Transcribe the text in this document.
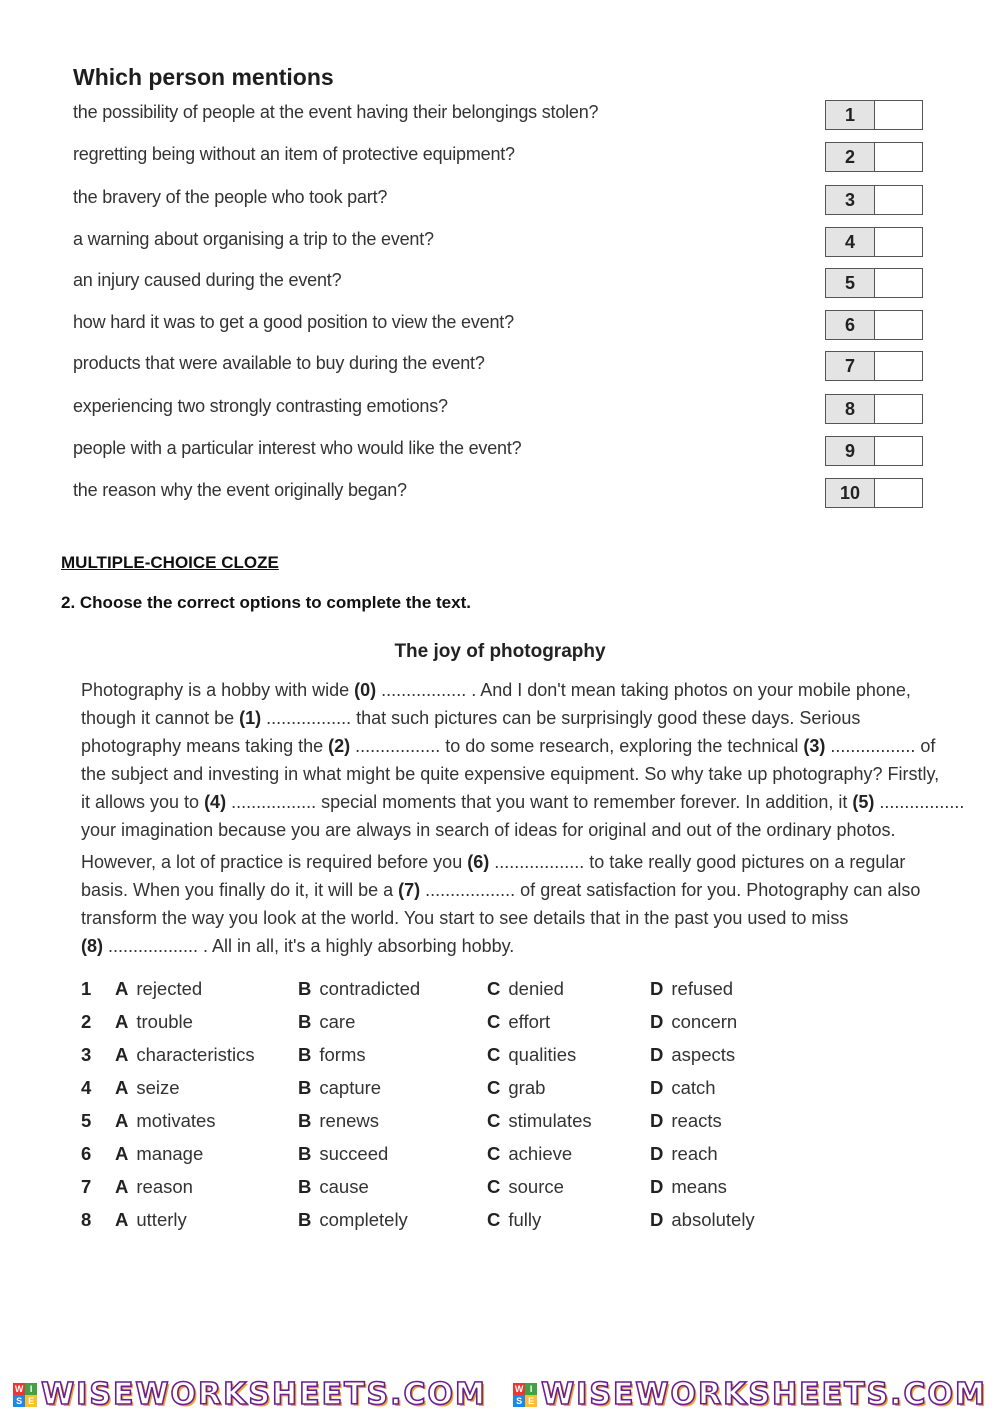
Which person mentions
the possibility of people at the event having their belongings stolen?	1
regretting being without an item of protective equipment?	2
the bravery of the people who took part?	3
a warning about organising a trip to the event?	4
an injury caused during the event?	5
how hard it was to get a good position to view the event?	6
products that were available to buy during the event?	7
experiencing two strongly contrasting emotions?	8
people with a particular interest who would like the event?	9
the reason why the event originally began?	10
MULTIPLE-CHOICE CLOZE
2. Choose the correct options to complete the text.
The joy of photography
Photography is a hobby with wide (0) ................. . And I don't mean taking photos on your mobile phone,
though it cannot be (1) ................. that such pictures can be surprisingly good these days. Serious
photography means taking the (2) ................. to do some research, exploring the technical (3) ................. of
the subject and investing in what might be quite expensive equipment. So why take up photography? Firstly,
it allows you to (4) ................. special moments that you want to remember forever. In addition, it (5) .................
your imagination because you are always in search of ideas for original and out of the ordinary photos.
However, a lot of practice is required before you (6) .................. to take really good pictures on a regular
basis. When you finally do it, it will be a (7) .................. of great satisfaction for you. Photography can also
transform the way you look at the world. You start to see details that in the past you used to miss
(8) .................. . All in all, it's a highly absorbing hobby.
1 A rejected	B contradicted	C denied	D refused
2 A trouble	B care	C effort	D concern
3 A characteristics B forms	C qualities	D aspects
4 A seize	B capture	C grab	D catch
5 A motivates	B renews	C stimulates	D reacts
6 A manage	B succeed	C achieve	D reach
7 A reason	B cause	C source	D means
8 A utterly	B completely	C fully	D absolutely
W I
S E WISEWORKSHEETS.COM	W I
S E WISEWORKSHEETS.COM
